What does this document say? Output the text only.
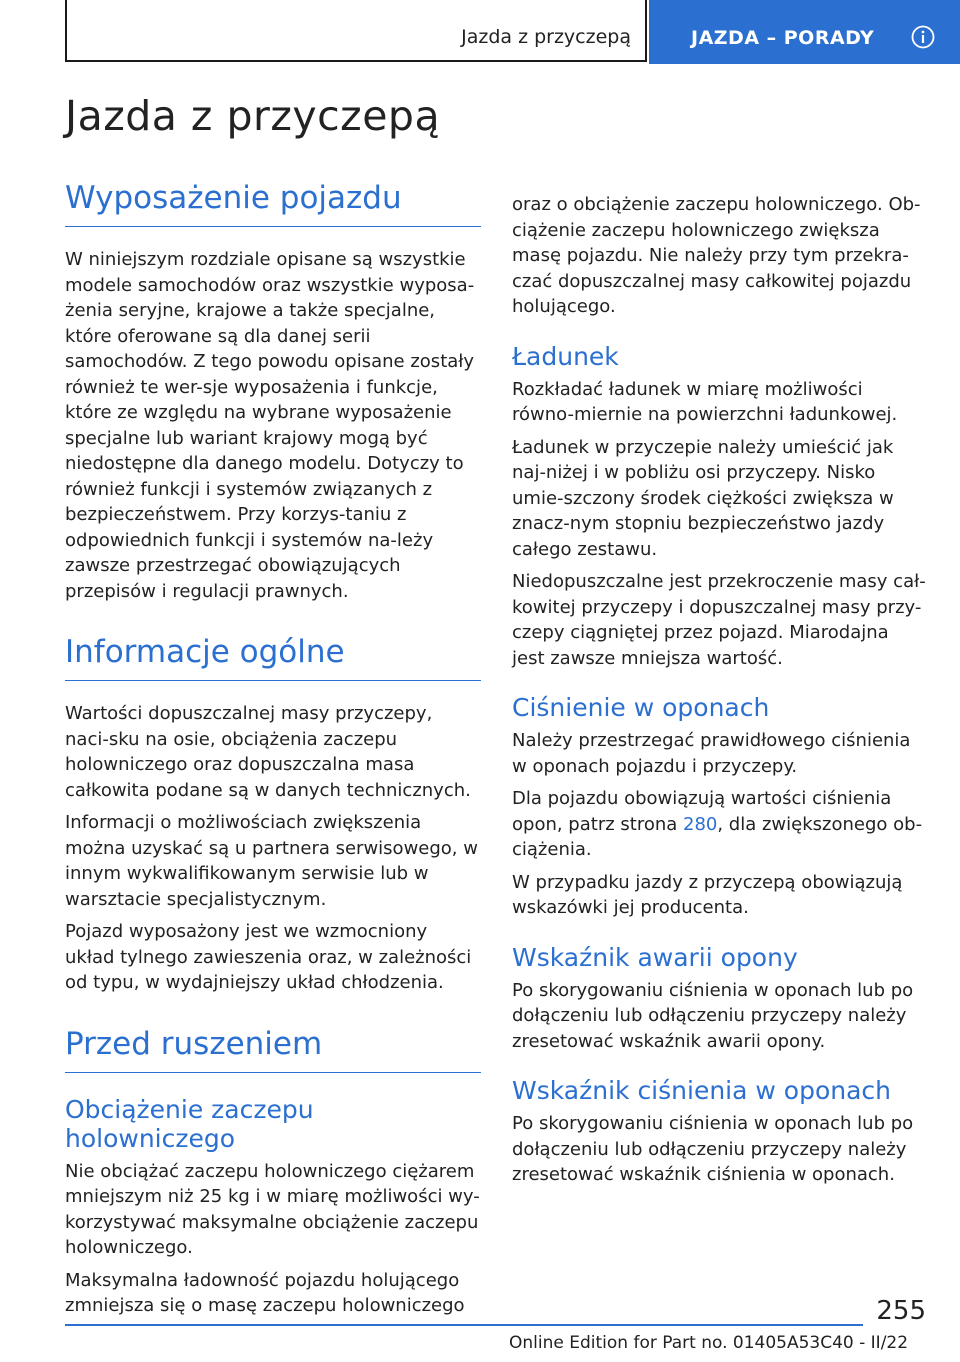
Jazda z przyczepą	JAZDA – PORADY
Jazda z przyczepą
Wyposażenie pojazdu

W niniejszym rozdziale opisane są wszystkie modele samochodów oraz wszystkie wyposa-żenia seryjne, krajowe a także specjalne, które oferowane są dla danej serii samochodów. Z tego powodu opisane zostały również te wer-sje wyposażenia i funkcje, które ze względu na wybrane wyposażenie specjalne lub wariant krajowy mogą być niedostępne dla danego modelu. Dotyczy to również funkcji i systemów związanych z bezpieczeństwem. Przy korzys-taniu z odpowiednich funkcji i systemów na-leży zawsze przestrzegać obowiązujących przepisów i regulacji prawnych.

Informacje ogólne

Wartości dopuszczalnej masy przyczepy, naci-sku na osie, obciążenia zaczepu holowniczego oraz dopuszczalna masa całkowita podane są w danych technicznych.

Informacji o możliwościach zwiększenia można uzyskać są u partnera serwisowego, w innym wykwalifikowanym serwisie lub w warsztacie specjalistycznym.

Pojazd wyposażony jest we wzmocniony układ tylnego zawieszenia oraz, w zależności od typu, w wydajniejszy układ chłodzenia.

Przed ruszeniem
Obciążenie zaczepu holowniczego

Nie obciążać zaczepu holowniczego ciężarem mniejszym niż 25 kg i w miarę możliwości wy-korzystywać maksymalne obciążenie zaczepu holowniczego.

Maksymalna ładowność pojazdu holującego zmniejsza się o masę zaczepu holowniczego

oraz o obciążenie zaczepu holowniczego. Ob-ciążenie zaczepu holowniczego zwiększa masę pojazdu. Nie należy przy tym przekra-czać dopuszczalnej masy całkowitej pojazdu holującego.

Ładunek

Rozkładać ładunek w miarę możliwości równo-miernie na powierzchni ładunkowej.

Ładunek w przyczepie należy umieścić jak naj-niżej i w pobliżu osi przyczepy. Nisko umie-szczony środek ciężkości zwiększa w znacz-nym stopniu bezpieczeństwo jazdy całego zestawu.

Niedopuszczalne jest przekroczenie masy cał-kowitej przyczepy i dopuszczalnej masy przy-czepy ciągniętej przez pojazd. Miarodajna jest zawsze mniejsza wartość.

Ciśnienie w oponach

Należy przestrzegać prawidłowego ciśnienia w oponach pojazdu i przyczepy.

Dla pojazdu obowiązują wartości ciśnienia opon, patrz strona 280, dla zwiększonego ob-ciążenia.

W przypadku jazdy z przyczepą obowiązują wskazówki jej producenta.

Wskaźnik awarii opony

Po skorygowaniu ciśnienia w oponach lub po dołączeniu lub odłączeniu przyczepy należy zresetować wskaźnik awarii opony.

Wskaźnik ciśnienia w oponach

Po skorygowaniu ciśnienia w oponach lub po dołączeniu lub odłączeniu przyczepy należy zresetować wskaźnik ciśnienia w oponach.

255
Online Edition for Part no. 01405A53C40 - II/22
